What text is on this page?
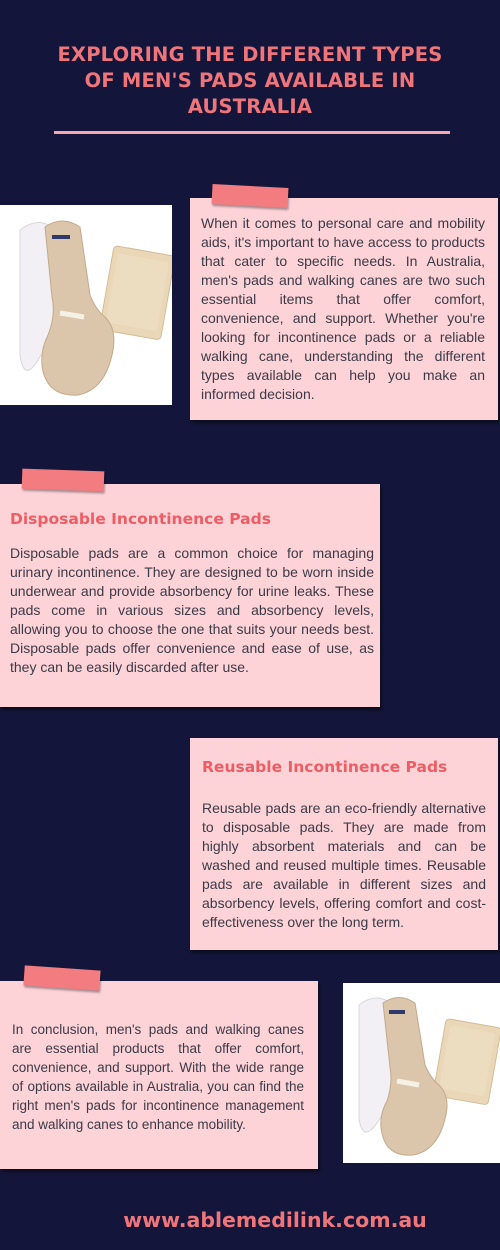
EXPLORING THE DIFFERENT TYPES OF MEN'S PADS AVAILABLE IN AUSTRALIA
When it comes to personal care and mobility aids, it's important to have access to products that cater to specific needs. In Australia, men's pads and walking canes are two such essential items that offer comfort, convenience, and support. Whether you're looking for incontinence pads or a reliable walking cane, understanding the different types available can help you make an informed decision.
Disposable Incontinence Pads
Disposable pads are a common choice for managing urinary incontinence. They are designed to be worn inside underwear and provide absorbency for urine leaks. These pads come in various sizes and absorbency levels, allowing you to choose the one that suits your needs best. Disposable pads offer convenience and ease of use, as they can be easily discarded after use.
Reusable Incontinence Pads
Reusable pads are an eco-friendly alternative to disposable pads. They are made from highly absorbent materials and can be washed and reused multiple times. Reusable pads are available in different sizes and absorbency levels, offering comfort and cost-effectiveness over the long term.
In conclusion, men's pads and walking canes are essential products that offer comfort, convenience, and support. With the wide range of options available in Australia, you can find the right men's pads for incontinence management and walking canes to enhance mobility.
www.ablemedilink.com.au
